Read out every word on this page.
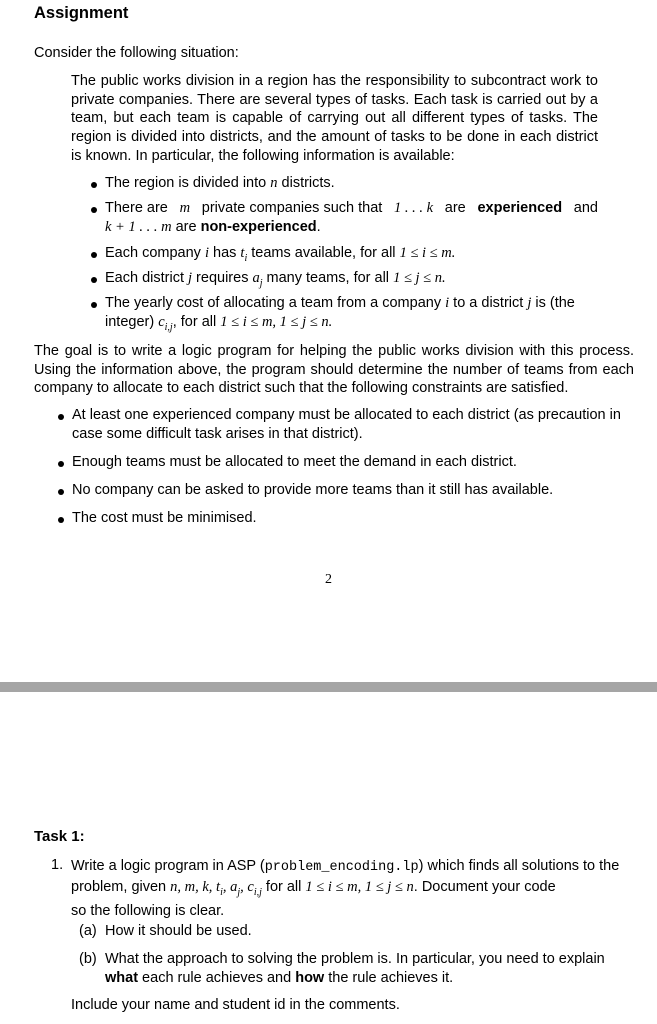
Assignment
Consider the following situation:
The public works division in a region has the responsibility to subcontract work to private companies. There are several types of tasks. Each task is carried out by a team, but each team is capable of carrying out all different types of tasks. The region is divided into districts, and the amount of tasks to be done in each district is known. In particular, the following information is available:
The region is divided into n districts.
There are m private companies such that 1 . . . k are experienced and
k + 1 . . . m are non-experienced.
Each company i has $t_i$ teams available, for all 1 ≤ i ≤ m.
Each district j requires $a_j$ many teams, for all 1 ≤ j ≤ n.
The yearly cost of allocating a team from a company i to a district j is (the
integer) $c_{i,j}$, for all 1 ≤ i ≤ m, 1 ≤ j ≤ n.
The goal is to write a logic program for helping the public works division with this process. Using the information above, the program should determine the number of teams from each company to allocate to each district such that the following constraints are satisfied.
At least one experienced company must be allocated to each district (as precaution in
case some difficult task arises in that district).
Enough teams must be allocated to meet the demand in each district.
No company can be asked to provide more teams than it still has available.
The cost must be minimised.
2
Task 1:
1. Write a logic program in ASP (problem_encoding.lp) which finds all solutions to the
problem, given n, m, k, $t_i$, $a_j$, $c_{i,j}$ for all 1 ≤ i ≤ m, 1 ≤ j ≤ n. Document your code
so the following is clear.
(a) How it should be used.
(b) What the approach to solving the problem is. In particular, you need to explain
what each rule achieves and how the rule achieves it.
Include your name and student id in the comments.
